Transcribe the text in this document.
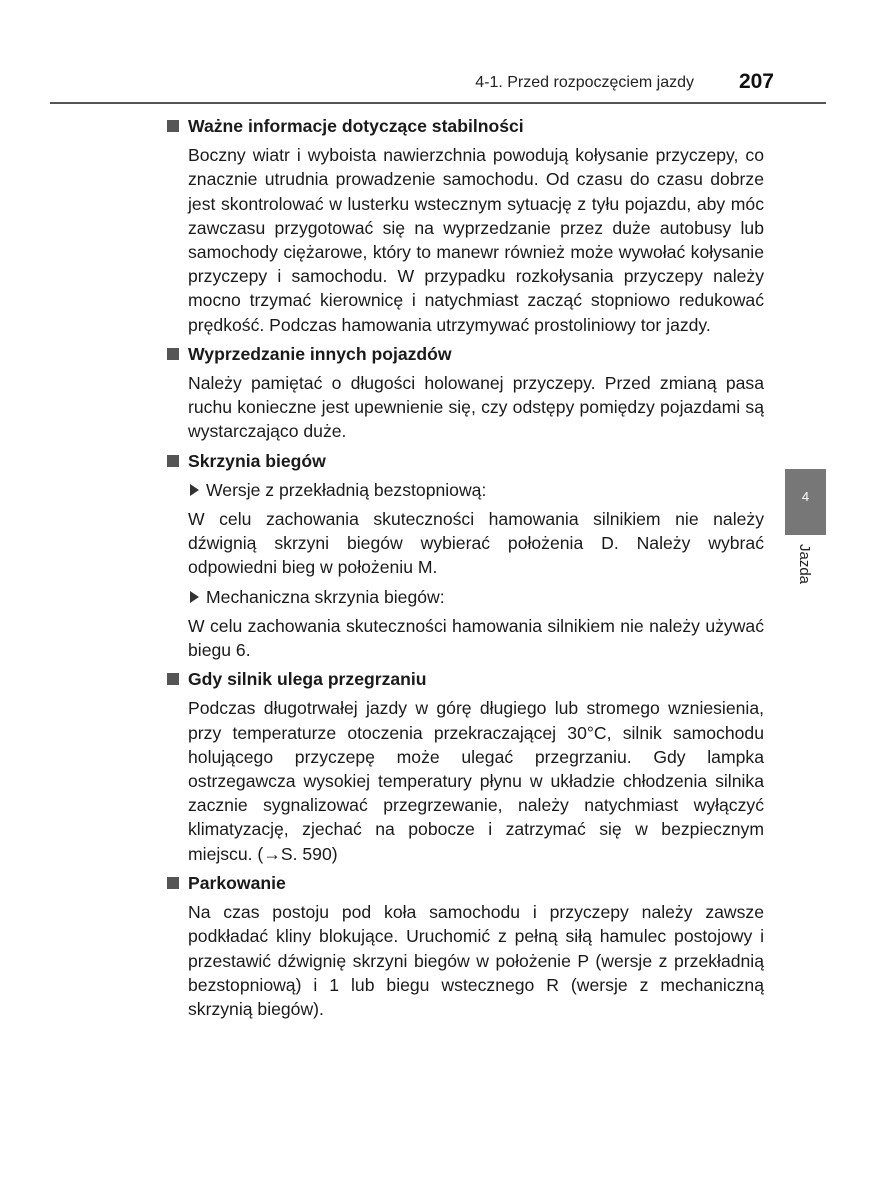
4-1. Przed rozpoczęciem jazdy 207
4
Jazda
Ważne informacje dotyczące stabilności
Boczny wiatr i wyboista nawierzchnia powodują kołysanie przyczepy, co znacznie utrudnia prowadzenie samochodu. Od czasu do czasu dobrze jest skontrolować w lusterku wstecznym sytuację z tyłu pojazdu, aby móc zawczasu przygotować się na wyprzedzanie przez duże autobusy lub samochody ciężarowe, który to manewr również może wywołać kołysanie przyczepy i samochodu. W przypadku rozkołysania przyczepy należy mocno trzymać kierownicę i natychmiast zacząć stopniowo redukować prędkość. Podczas hamowania utrzymywać prostoliniowy tor jazdy.
Wyprzedzanie innych pojazdów
Należy pamiętać o długości holowanej przyczepy. Przed zmianą pasa ruchu konieczne jest upewnienie się, czy odstępy pomiędzy pojazdami są wystarczająco duże.
Skrzynia biegów
Wersje z przekładnią bezstopniową:
W celu zachowania skuteczności hamowania silnikiem nie należy dźwignią skrzyni biegów wybierać położenia D. Należy wybrać odpowiedni bieg w położeniu M.
Mechaniczna skrzynia biegów:
W celu zachowania skuteczności hamowania silnikiem nie należy używać biegu 6.
Gdy silnik ulega przegrzaniu
Podczas długotrwałej jazdy w górę długiego lub stromego wzniesienia, przy temperaturze otoczenia przekraczającej 30°C, silnik samochodu holującego przyczepę może ulegać przegrzaniu. Gdy lampka ostrzegawcza wysokiej temperatury płynu w układzie chłodzenia silnika zacznie sygnalizować przegrzewanie, należy natychmiast wyłączyć klimatyzację, zjechać na pobocze i zatrzymać się w bezpiecznym miejscu. (→S. 590)
Parkowanie
Na czas postoju pod koła samochodu i przyczepy należy zawsze podkładać kliny blokujące. Uruchomić z pełną siłą hamulec postojowy i przestawić dźwignię skrzyni biegów w położenie P (wersje z przekładnią bezstopniową) i 1 lub biegu wstecznego R (wersje z mechaniczną skrzynią biegów).
